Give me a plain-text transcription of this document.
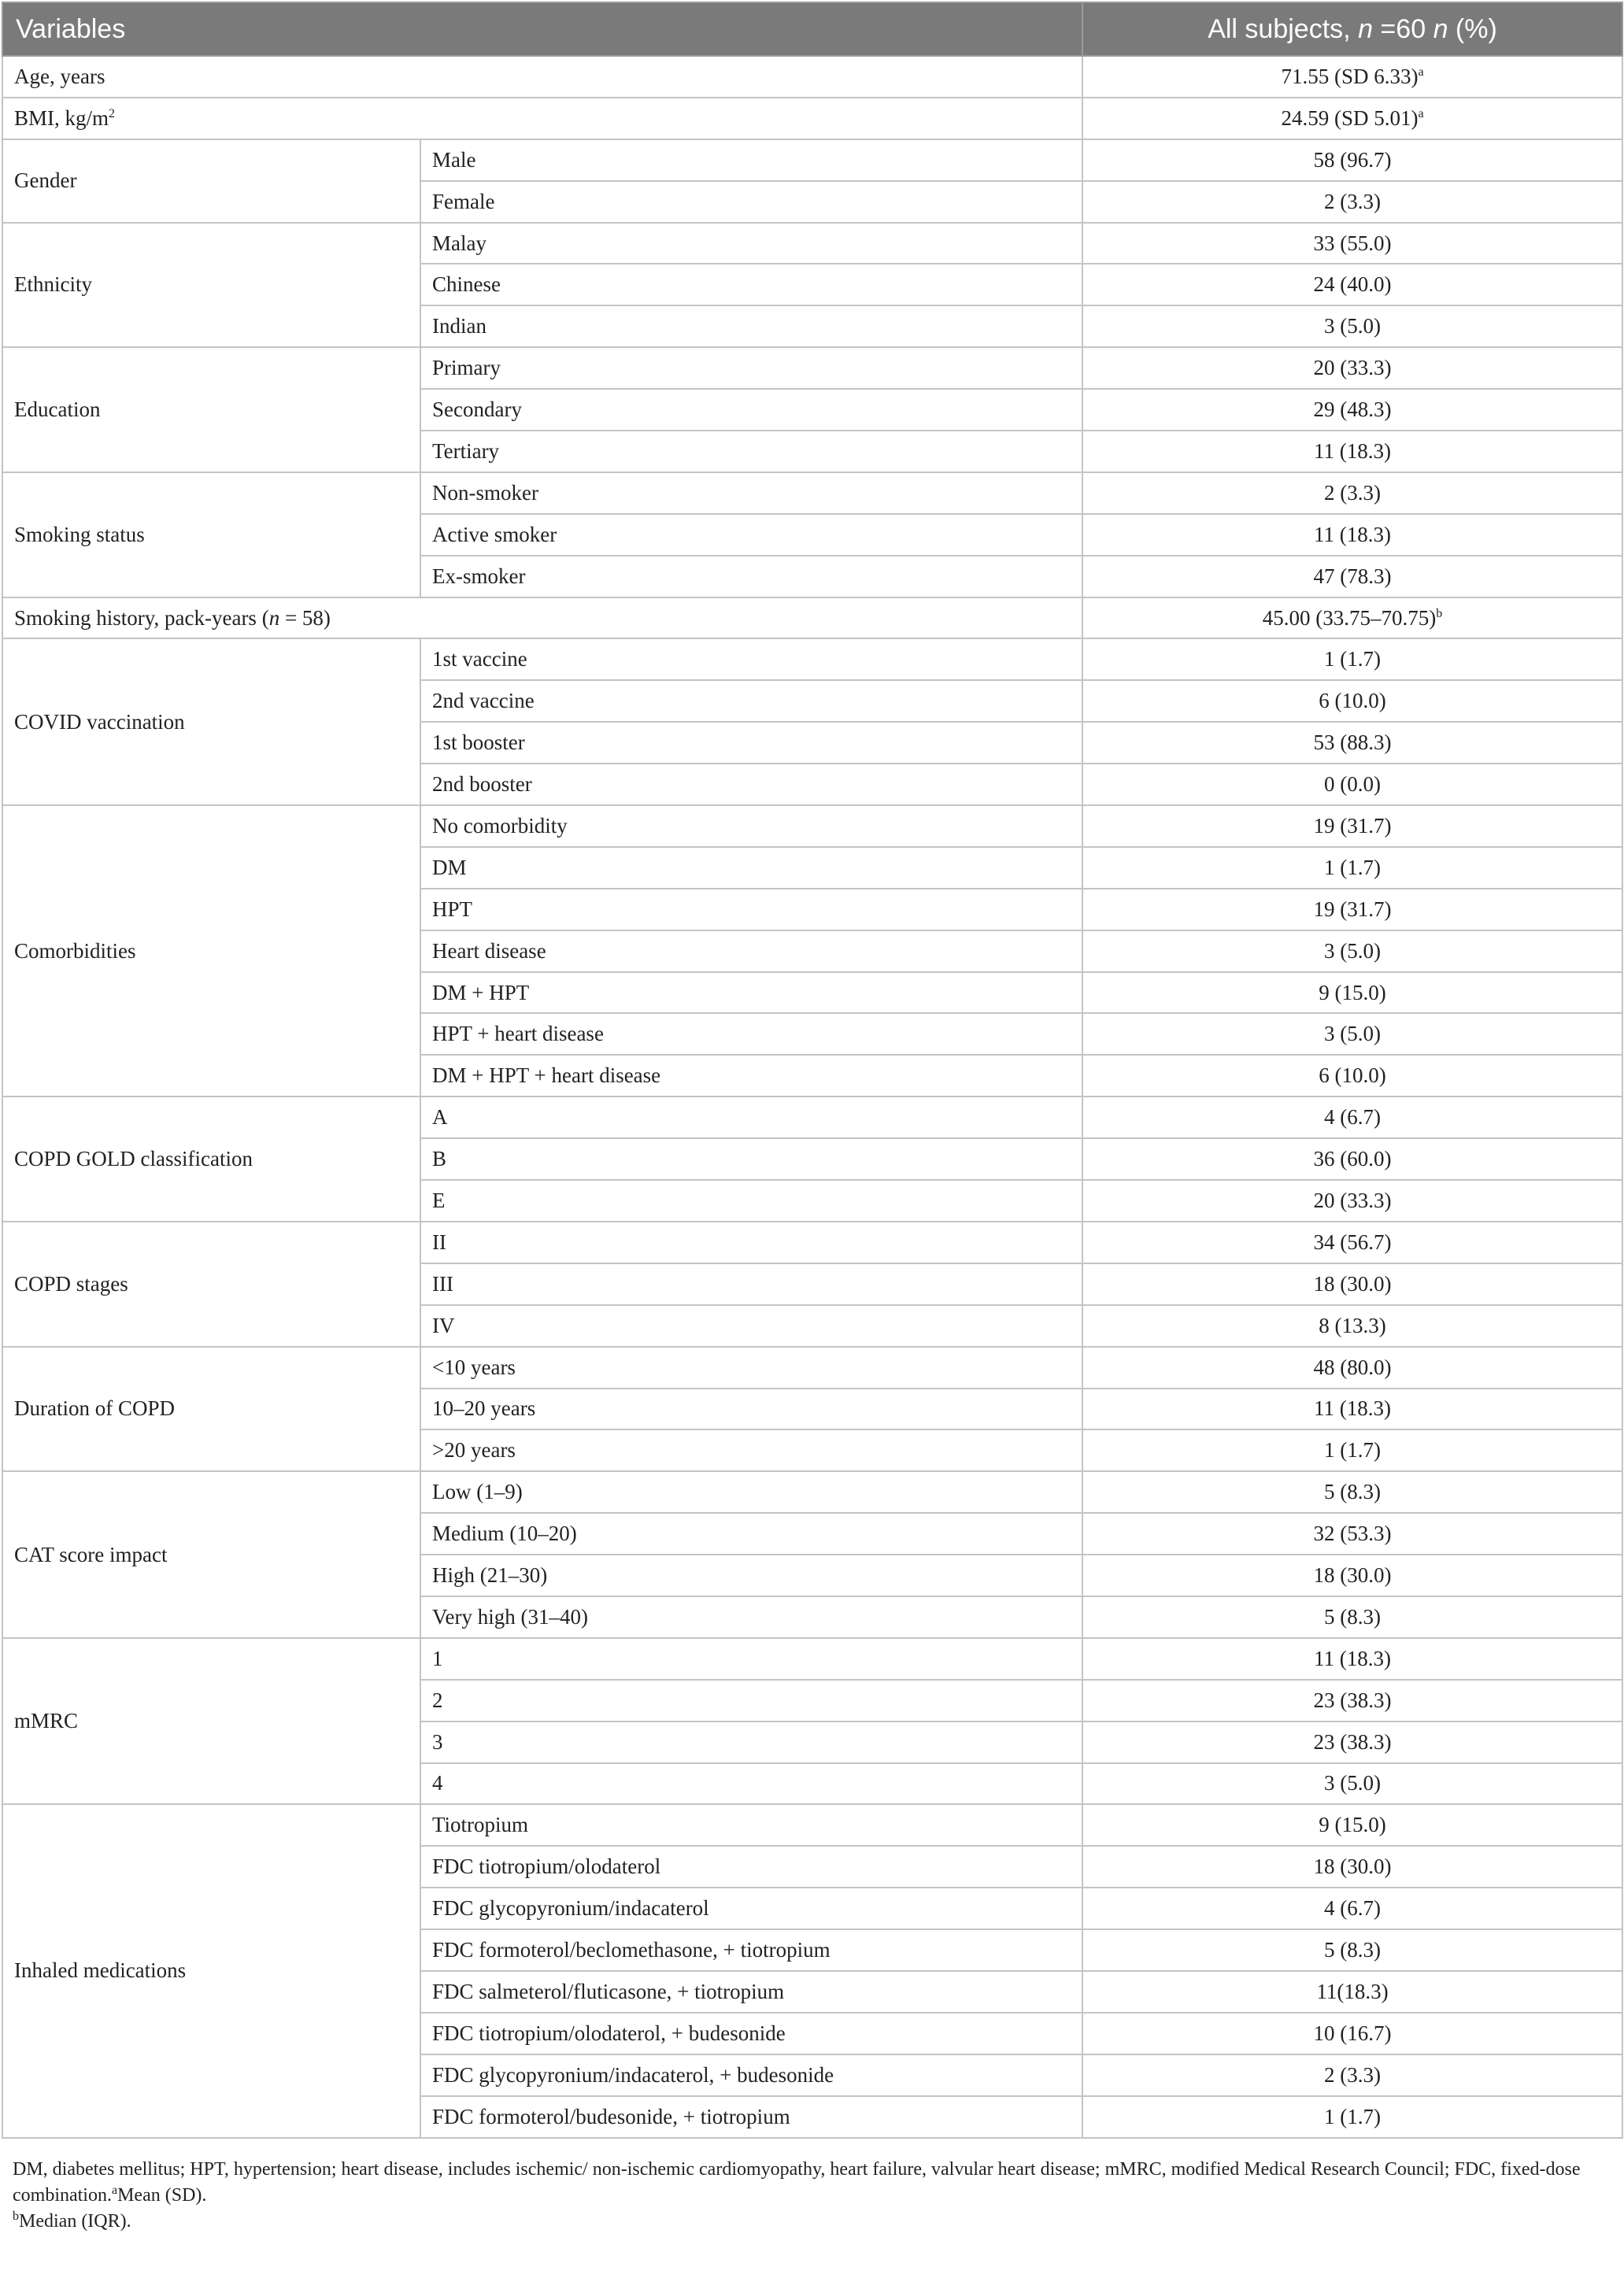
Variables		All subjects, n =60 n (%)
Age, years		71.55 (SD 6.33)$^a$
BMI, $kg/m^2$		24.59 (SD 5.01)$^a$
Gender	Male	58 (96.7)
	Female	2 (3.3)
Ethnicity	Malay	33 (55.0)
	Chinese	24 (40.0)
	Indian	3 (5.0)
Education	Primary	20 (33.3)
	Secondary	29 (48.3)
	Tertiary	11 (18.3)
Smoking status	Non-smoker	2 (3.3)
	Active smoker	11 (18.3)
	Ex-smoker	47 (78.3)
Smoking history, pack-years (n = 58)		45.00 $(33.75-70.75)^b$
COVID vaccination	1st vaccine	1 (1.7)
	2nd vaccine	6 (10.0)
	1st booster	53 (88.3)
	2nd booster	0 (0.0)
Comorbidities	No comorbidity	19 (31.7)
	DM	1 (1.7)
	HPT	19 (31.7)
	Heart disease	3 (5.0)
	DM + HPT	9 (15.0)
	HPT + heart disease	3 (5.0)
	DM + HPT + heart disease	6 (10.0)
COPD GOLD classification	A	4 (6.7)
	B	36 (60.0)
	E	20 (33.3)
COPD stages	II	34 (56.7)
	III	18 (30.0)
	IV	8 (13.3)
Duration of COPD	<10 years	48 (80.0)
	10–20 years	11 (18.3)
	>20 years	1 (1.7)
CAT score impact	Low (1–9)	5 (8.3)
	Medium (10–20)	32 (53.3)
	High (21–30)	18 (30.0)
	Very high (31–40)	5 (8.3)
mMRC	1	11 (18.3)
	2	23 (38.3)
	3	23 (38.3)
	4	3 (5.0)
Inhaled medications	Tiotropium	9 (15.0)
	FDC tiotropium/olodaterol	18 (30.0)
	FDC glycopyronium/indacaterol	4 (6.7)
	FDC formoterol/beclomethasone, + tiotropium	5 (8.3)
	FDC salmeterol/fluticasone, + tiotropium	11(18.3)
	FDC tiotropium/olodaterol, + budesonide	10 (16.7)
	FDC glycopyronium/indacaterol, + budesonide	2 (3.3)
	FDC formoterol/budesonide, + tiotropium	1 (1.7)

DM, diabetes mellitus; HPT, hypertension; heart disease, includes ischemic/ non-ischemic cardiomyopathy, heart failure, valvular heart disease; mMRC, modified Medical Research Council; FDC, fixed-dose combination.$^a$Mean (SD).

$^b$Median (IQR).
